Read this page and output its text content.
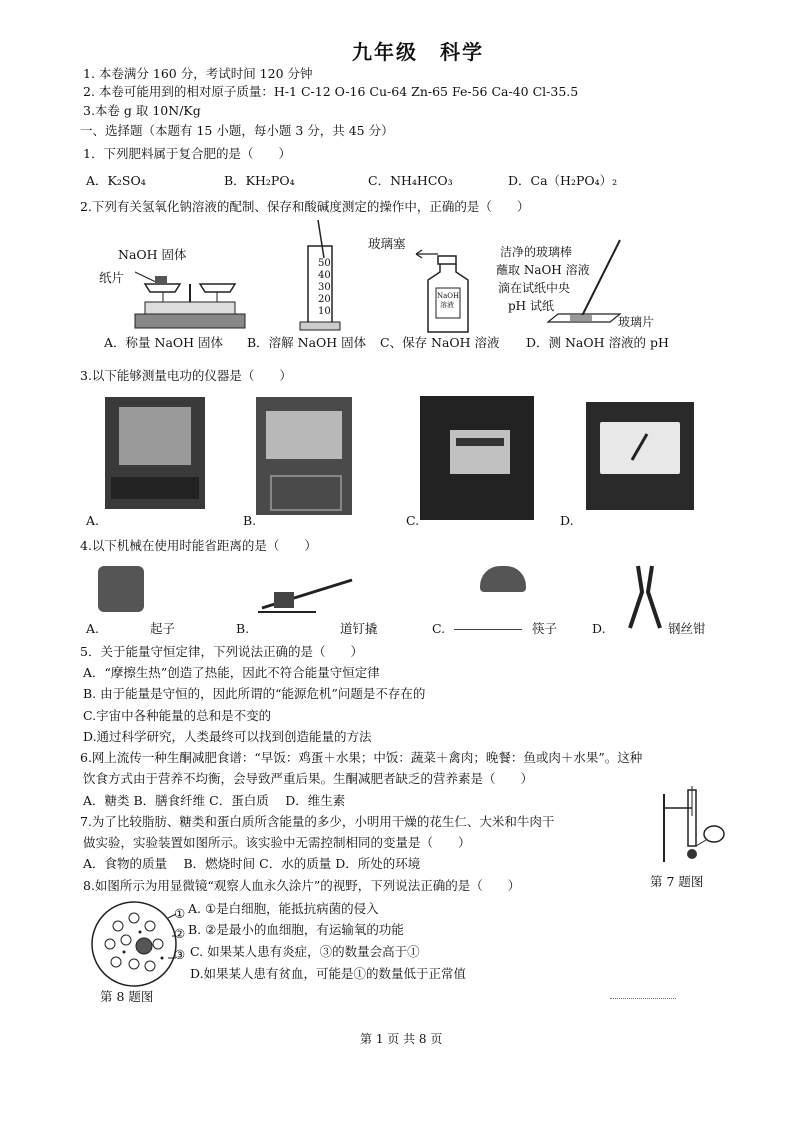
九年级　科学
1. 本卷满分 160 分，考试时间 120 分钟
2. 本卷可能用到的相对原子质量：H-1 C-12 O-16 Cu-64 Zn-65 Fe-56 Ca-40 Cl-35.5
3.本卷 g 取 10N/Kg
一、选择题（本题有 15 小题，每小题 3 分，共 45 分）
1．下列肥料属于复合肥的是（　　）
A．K₂SO₄	B．KH₂PO₄	C．NH₄HCO₃	D．Ca（H₂PO₄）₂
2.下列有关氢氧化钠溶液的配制、保存和酸碱度测定的操作中，正确的是（　　）
NaOH 固体
纸片
50
40
30
20
10
玻璃塞
NaOH 溶液
洁净的玻璃棒
蘸取 NaOH 溶液
滴在试纸中央
pH 试纸
玻璃片
A．称量 NaOH 固体 B．溶解 NaOH 固体 C、保存 NaOH 溶液 D．测 NaOH 溶液的 pH
3.以下能够测量电功的仪器是（　　）
A.	B.	C.	D.
4.以下机械在使用时能省距离的是（　　）
A.	起子	B.	道钉撬	C.	筷子	D.	钢丝钳
5．关于能量守恒定律，下列说法正确的是（　　）
A．“摩擦生热”创造了热能，因此不符合能量守恒定律
B. 由于能量是守恒的，因此所谓的“能源危机”问题是不存在的
C.宇宙中各种能量的总和是不变的
D.通过科学研究，人类最终可以找到创造能量的方法
6.网上流传一种生酮减肥食谱：“早饭：鸡蛋＋水果；中饭：蔬菜＋禽肉；晚餐：鱼或肉＋水果”。这种
饮食方式由于营养不均衡，会导致严重后果。生酮减肥者缺乏的营养素是（　　）
A．糖类 B．膳食纤维 C．蛋白质　 D．维生素
7.为了比较脂肪、糖类和蛋白质所含能量的多少，小明用干燥的花生仁、大米和牛肉干
做实验，实验装置如图所示。该实验中无需控制相同的变量是（　　）
A．食物的质量　 B．燃烧时间 C．水的质量 D．所处的环境
第 7 题图
8.如图所示为用显微镜“观察人血永久涂片”的视野，下列说法正确的是（　　）
①
②
③
A. ①是白细胞，能抵抗病菌的侵入
B. ②是最小的血细胞，有运输氧的功能
C. 如果某人患有炎症，③的数量会高于①
D.如果某人患有贫血，可能是①的数量低于正常值
第 8 题图
第 1 页 共 8 页
